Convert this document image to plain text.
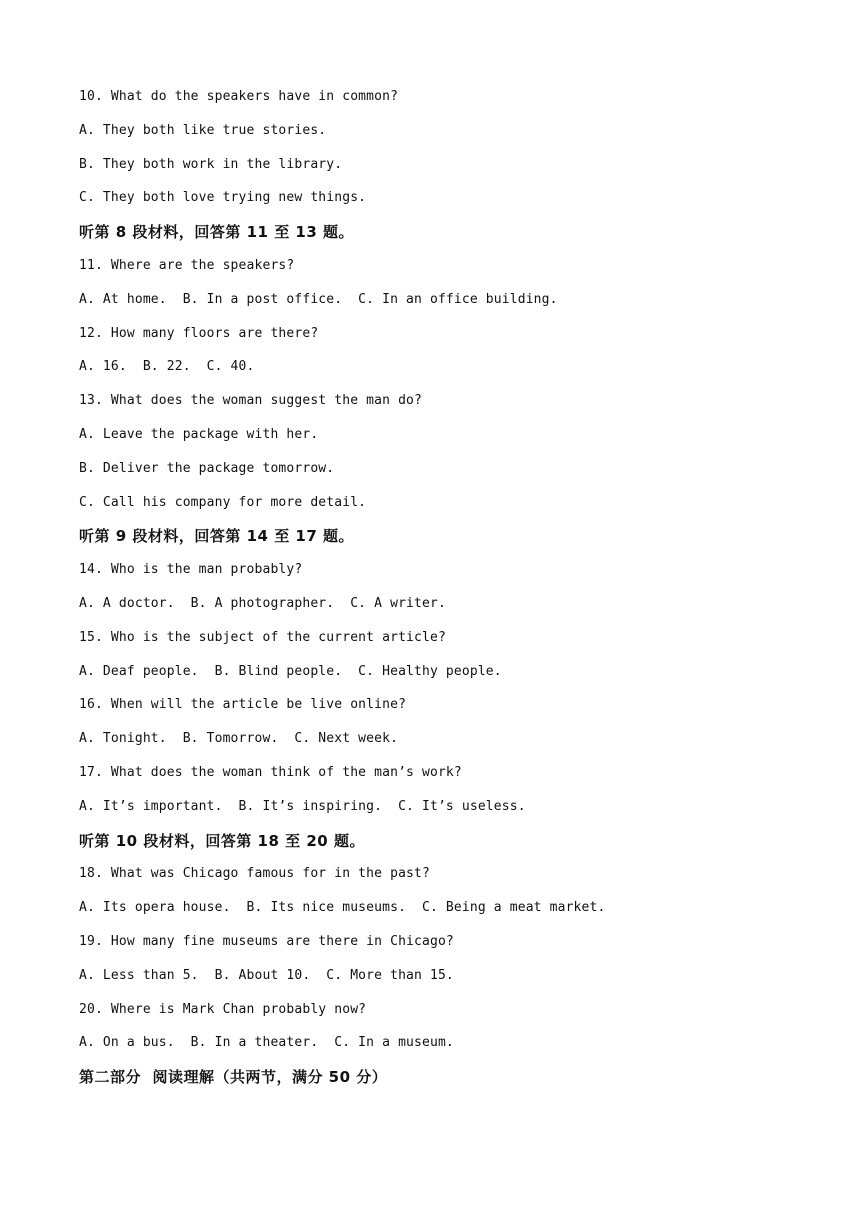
10. What do the speakers have in common?
A. They both like true stories.
B. They both work in the library.
C. They both love trying new things.
听第 8 段材料，回答第 11 至 13 题。
11. Where are the speakers?
A. At home.  B. In a post office.  C. In an office building.
12. How many floors are there?
A. 16.  B. 22.  C. 40.
13. What does the woman suggest the man do?
A. Leave the package with her.
B. Deliver the package tomorrow.
C. Call his company for more detail.
听第 9 段材料，回答第 14 至 17 题。
14. Who is the man probably?
A. A doctor.  B. A photographer.  C. A writer.
15. Who is the subject of the current article?
A. Deaf people.  B. Blind people.  C. Healthy people.
16. When will the article be live online?
A. Tonight.  B. Tomorrow.  C. Next week.
17. What does the woman think of the man’s work?
A. It’s important.  B. It’s inspiring.  C. It’s useless.
听第 10 段材料，回答第 18 至 20 题。
18. What was Chicago famous for in the past?
A. Its opera house.  B. Its nice museums.  C. Being a meat market.
19. How many fine museums are there in Chicago?
A. Less than 5.  B. About 10.  C. More than 15.
20. Where is Mark Chan probably now?
A. On a bus.  B. In a theater.  C. In a museum.
第二部分  阅读理解（共两节，满分 50 分）
